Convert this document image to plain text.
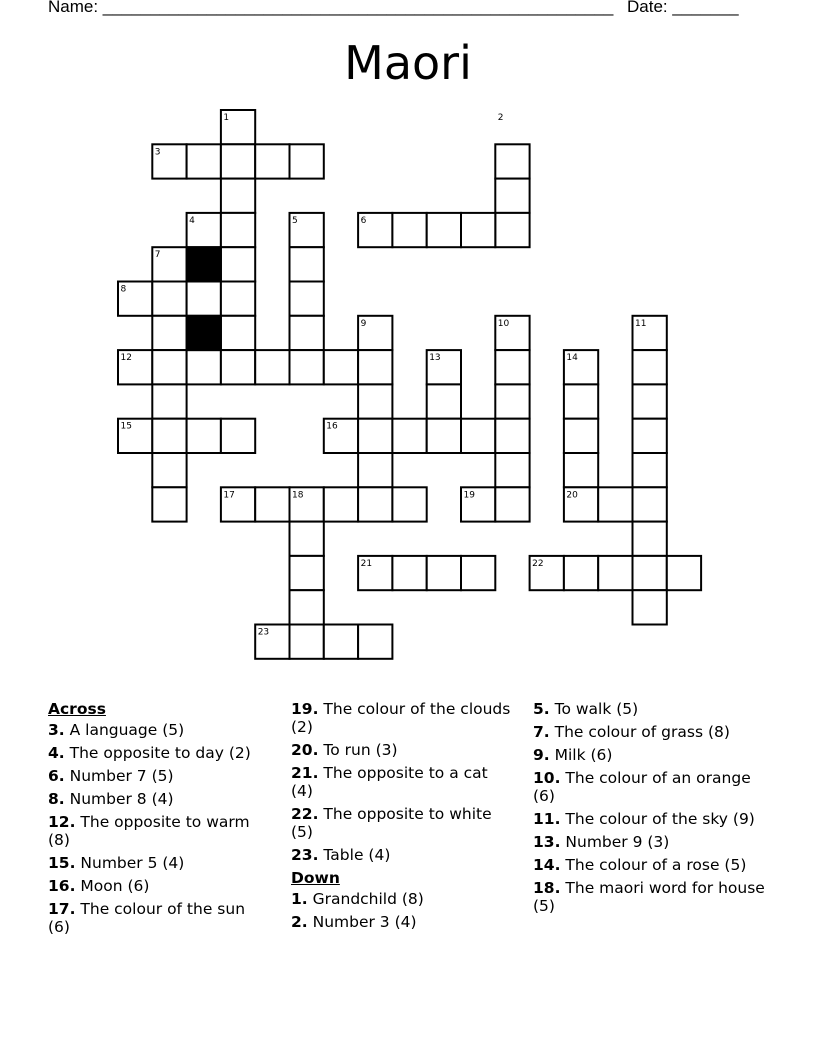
Name: ______________________________________________________ Date: _______
Maori
1	2
3
4	5	6
7
8
9	10	11
12	13	14
15	16
17	18	19	20
21	22
23
Across
3. A language (5)
4. The opposite to day (2)
6. Number 7 (5)
8. Number 8 (4)
12. The opposite to warm (8)
15. Number 5 (4)
16. Moon (6)
17. The colour of the sun (6)
19. The colour of the clouds (2)
20. To run (3)
21. The opposite to a cat (4)
22. The opposite to white (5)
23. Table (4)
Down
1. Grandchild (8)
2. Number 3 (4)
5. To walk (5)
7. The colour of grass (8)
9. Milk (6)
10. The colour of an orange (6)
11. The colour of the sky (9)
13. Number 9 (3)
14. The colour of a rose (5)
18. The maori word for house (5)
